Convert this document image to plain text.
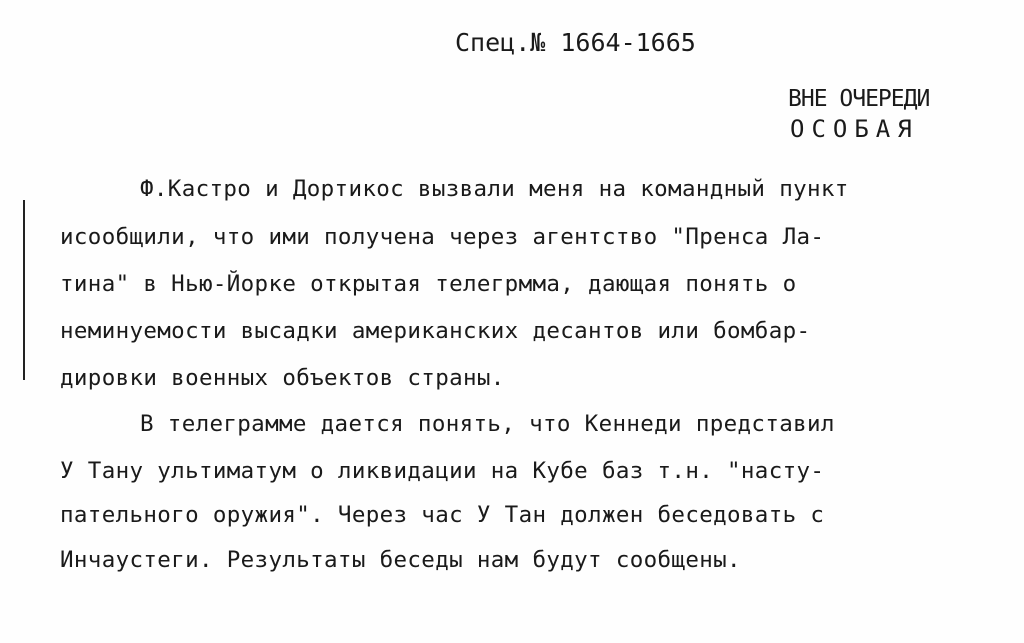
Спец.№ 1664-1665
ВНЕ ОЧЕРЕДИ
ОСОБАЯ
Ф.Кастро и Дортикос вызвали меня на командный пункт
исообщили, что ими получена через агентство "Пренса Ла-
тина" в Нью-Йорке открытая телегрмма, дающая понять о
неминуемости высадки американских десантов или бомбар-
дировки военных объектов страны.
В телеграмме дается понять, что Кеннеди представил
У Тану ультиматум о ликвидации на Кубе баз т.н. "насту-
пательного оружия". Через час У Тан должен беседовать с
Инчаустеги. Результаты беседы нам будут сообщены.
